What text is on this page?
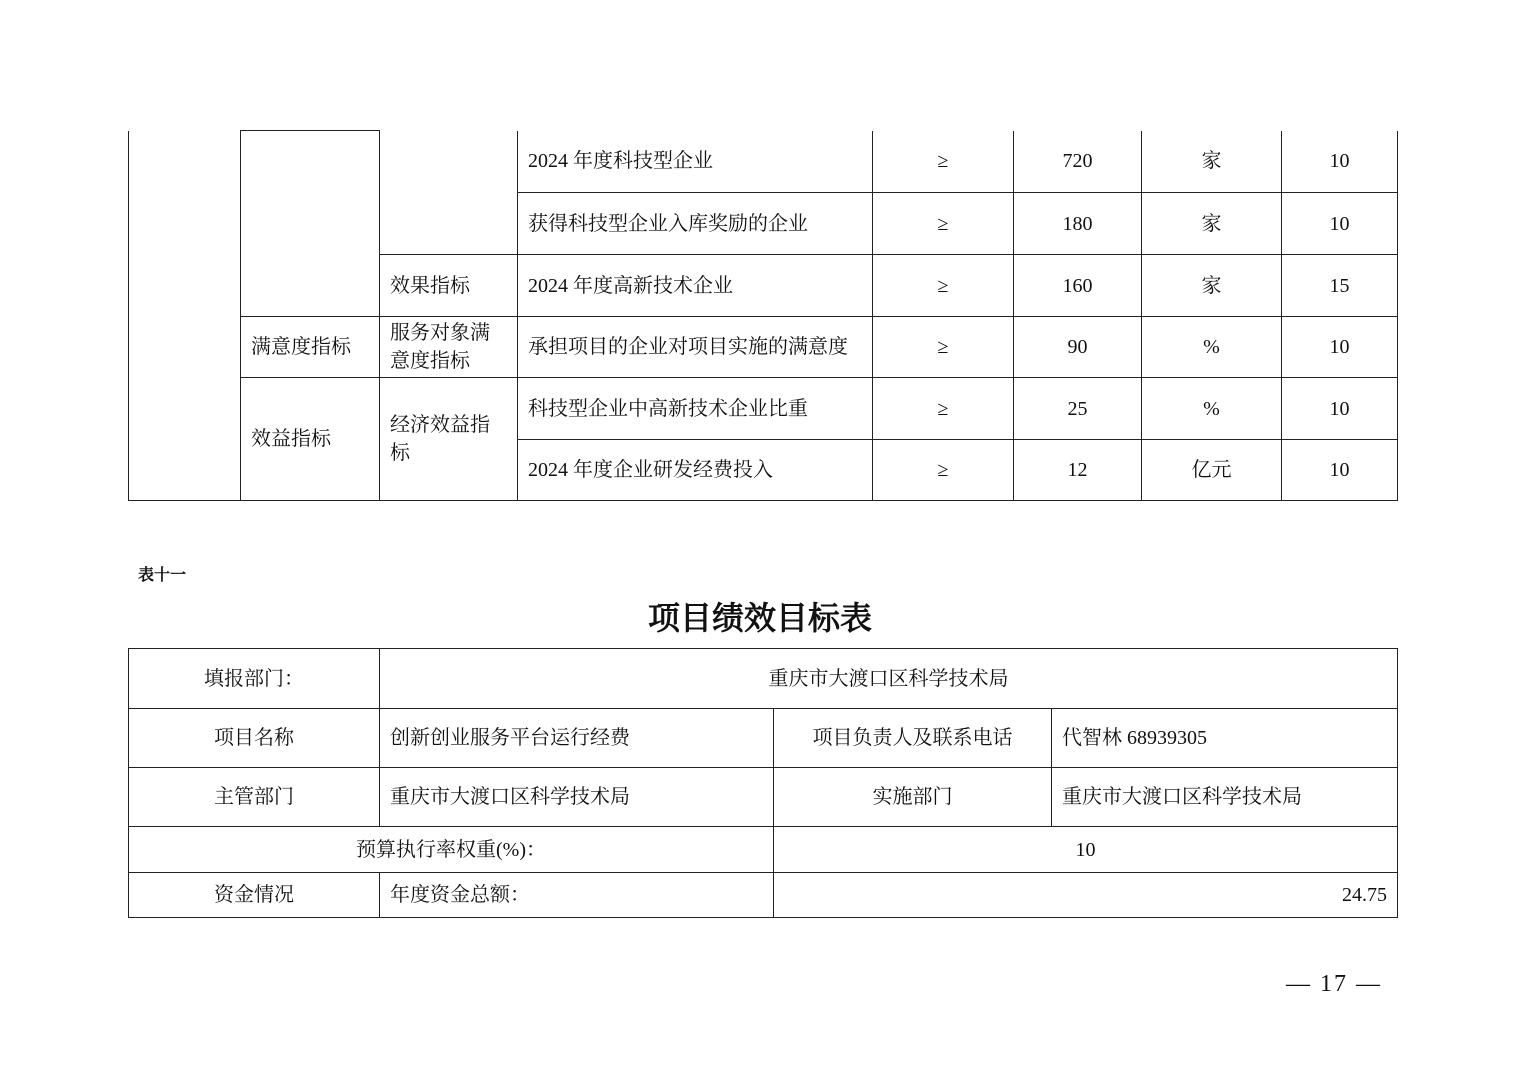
			2024 年度科技型企业	≥	720	家	10
			获得科技型企业入库奖励的企业	≥	180	家	10
		效果指标	2024 年度高新技术企业	≥	160	家	15
	满意度指标	服务对象满意度指标	承担项目的企业对项目实施的满意度	≥	90	%	10
	效益指标	经济效益指标	科技型企业中高新技术企业比重	≥	25	%	10
			2024 年度企业研发经费投入	≥	12	亿元	10
表十一
项目绩效目标表
填报部门：	重庆市大渡口区科学技术局		
项目名称	创新创业服务平台运行经费	项目负责人及联系电话	代智林 68939305
主管部门	重庆市大渡口区科学技术局	实施部门	重庆市大渡口区科学技术局
预算执行率权重(%)：		10	
资金情况	年度资金总额：	24.75	
— 17 —
